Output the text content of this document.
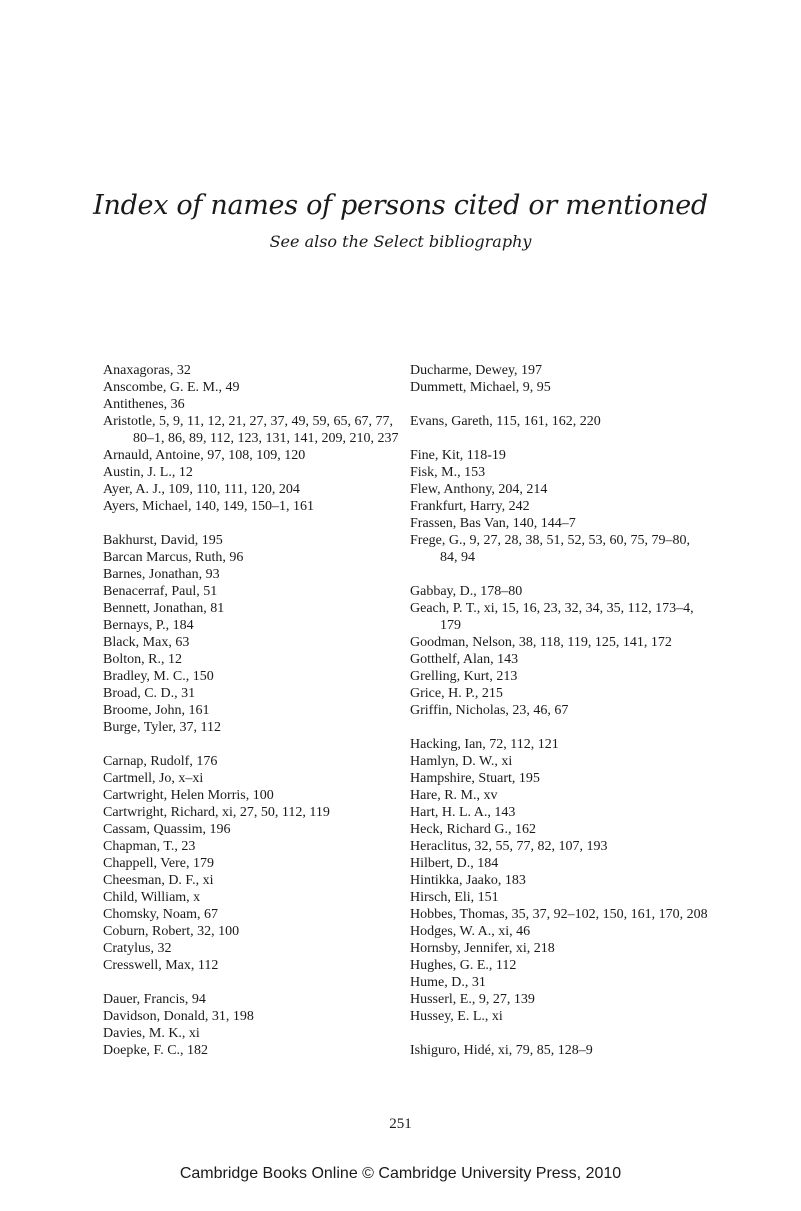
Index of names of persons cited or mentioned
See also the Select bibliography
Anaxagoras, 32
Anscombe, G. E. M., 49
Antithenes, 36
Aristotle, 5, 9, 11, 12, 21, 27, 37, 49, 59, 65, 67, 77, 80–1, 86, 89, 112, 123, 131, 141, 209, 210, 237
Arnauld, Antoine, 97, 108, 109, 120
Austin, J. L., 12
Ayer, A. J., 109, 110, 111, 120, 204
Ayers, Michael, 140, 149, 150–1, 161
Bakhurst, David, 195
Barcan Marcus, Ruth, 96
Barnes, Jonathan, 93
Benacerraf, Paul, 51
Bennett, Jonathan, 81
Bernays, P., 184
Black, Max, 63
Bolton, R., 12
Bradley, M. C., 150
Broad, C. D., 31
Broome, John, 161
Burge, Tyler, 37, 112
Carnap, Rudolf, 176
Cartmell, Jo, x–xi
Cartwright, Helen Morris, 100
Cartwright, Richard, xi, 27, 50, 112, 119
Cassam, Quassim, 196
Chapman, T., 23
Chappell, Vere, 179
Cheesman, D. F., xi
Child, William, x
Chomsky, Noam, 67
Coburn, Robert, 32, 100
Cratylus, 32
Cresswell, Max, 112
Dauer, Francis, 94
Davidson, Donald, 31, 198
Davies, M. K., xi
Doepke, F. C., 182
Ducharme, Dewey, 197
Dummett, Michael, 9, 95
Evans, Gareth, 115, 161, 162, 220
Fine, Kit, 118-19
Fisk, M., 153
Flew, Anthony, 204, 214
Frankfurt, Harry, 242
Frassen, Bas Van, 140, 144–7
Frege, G., 9, 27, 28, 38, 51, 52, 53, 60, 75, 79–80, 84, 94
Gabbay, D., 178–80
Geach, P. T., xi, 15, 16, 23, 32, 34, 35, 112, 173–4, 179
Goodman, Nelson, 38, 118, 119, 125, 141, 172
Gotthelf, Alan, 143
Grelling, Kurt, 213
Grice, H. P., 215
Griffin, Nicholas, 23, 46, 67
Hacking, Ian, 72, 112, 121
Hamlyn, D. W., xi
Hampshire, Stuart, 195
Hare, R. M., xv
Hart, H. L. A., 143
Heck, Richard G., 162
Heraclitus, 32, 55, 77, 82, 107, 193
Hilbert, D., 184
Hintikka, Jaako, 183
Hirsch, Eli, 151
Hobbes, Thomas, 35, 37, 92–102, 150, 161, 170, 208
Hodges, W. A., xi, 46
Hornsby, Jennifer, xi, 218
Hughes, G. E., 112
Hume, D., 31
Husserl, E., 9, 27, 139
Hussey, E. L., xi
Ishiguro, Hidé, xi, 79, 85, 128–9
251
Cambridge Books Online © Cambridge University Press, 2010
